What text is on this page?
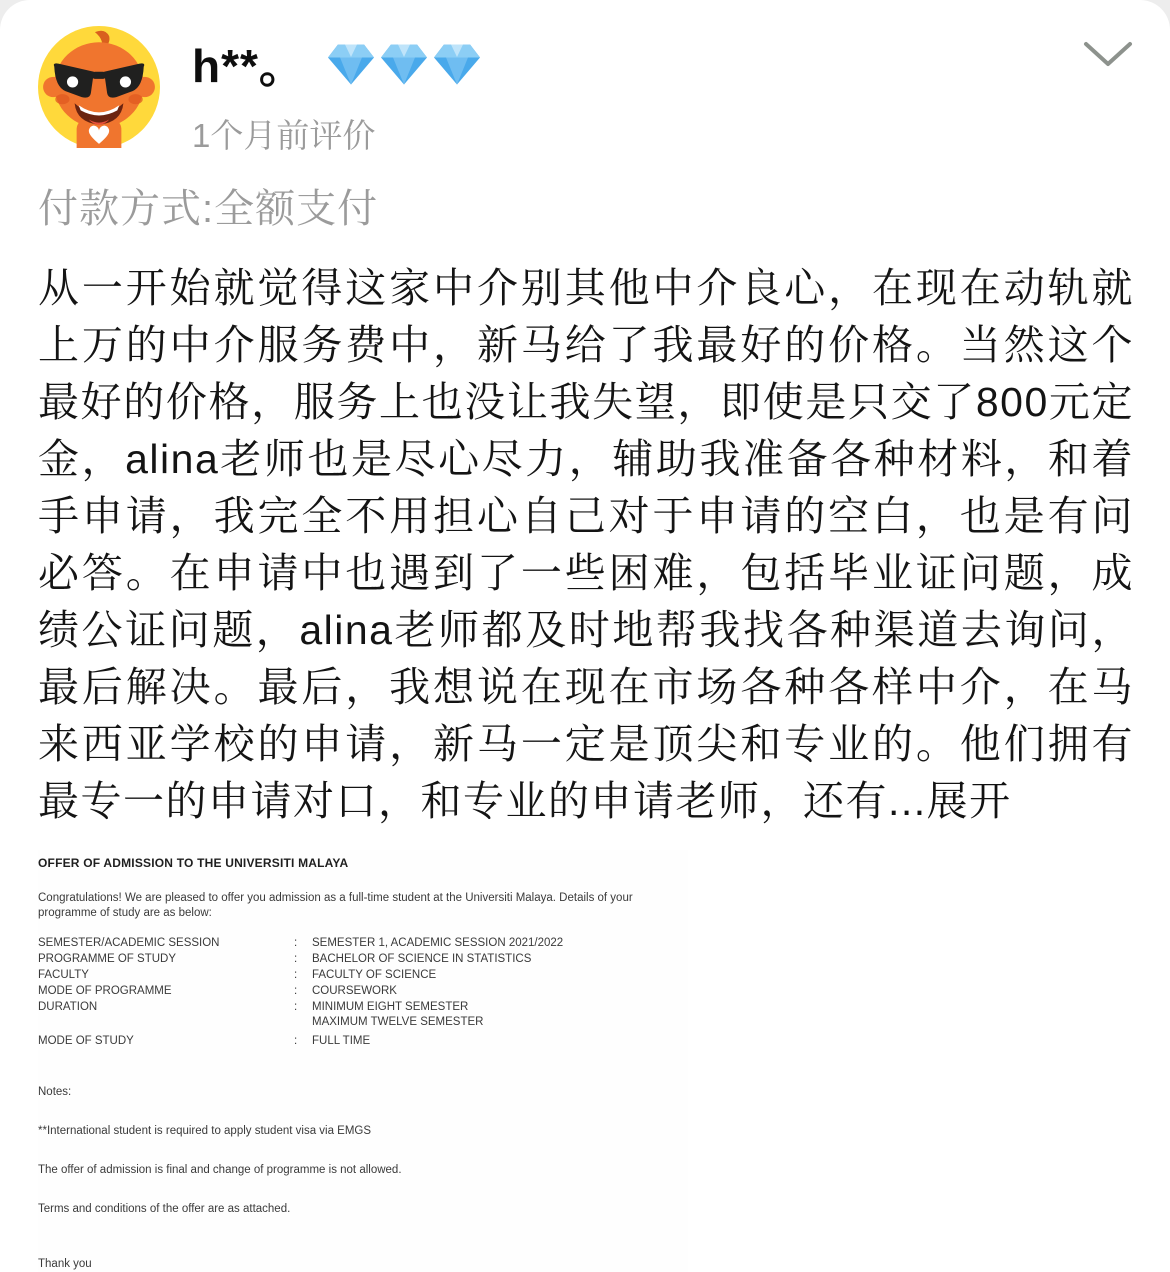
h**。
1个月前评价
付款方式:全额支付

从一开始就觉得这家中介别其他中介良心，在现在动轨就上万的中介服务费中，新马给了我最好的价格。当然这个最好的价格，服务上也没让我失望，即使是只交了800元定金，alina老师也是尽心尽力，辅助我准备各种材料，和着手申请，我完全不用担心自己对于申请的空白，也是有问必答。在申请中也遇到了一些困难，包括毕业证问题，成绩公证问题，alina老师都及时地帮我找各种渠道去询问，最后解决。最后，我想说在现在市场各种各样中介，在马来西亚学校的申请，新马一定是顶尖和专业的。他们拥有最专一的申请对口，和专业的申请老师，还有...展开

OFFER OF ADMISSION TO THE UNIVERSITI MALAYA

Congratulations! We are pleased to offer you admission as a full-time student at the Universiti Malaya. Details of your programme of study are as below:

SEMESTER/ACADEMIC SESSION	:	SEMESTER 1, ACADEMIC SESSION 2021/2022
PROGRAMME OF STUDY	:	BACHELOR OF SCIENCE IN STATISTICS
FACULTY	:	FACULTY OF SCIENCE
MODE OF PROGRAMME	:	COURSEWORK
DURATION	:	MINIMUM EIGHT SEMESTER
MAXIMUM TWELVE SEMESTER
MODE OF STUDY	:	FULL TIME
Notes:
**International student is required to apply student visa via EMGS
The offer of admission is final and change of programme is not allowed.
Terms and conditions of the offer are as attached.
Thank you
